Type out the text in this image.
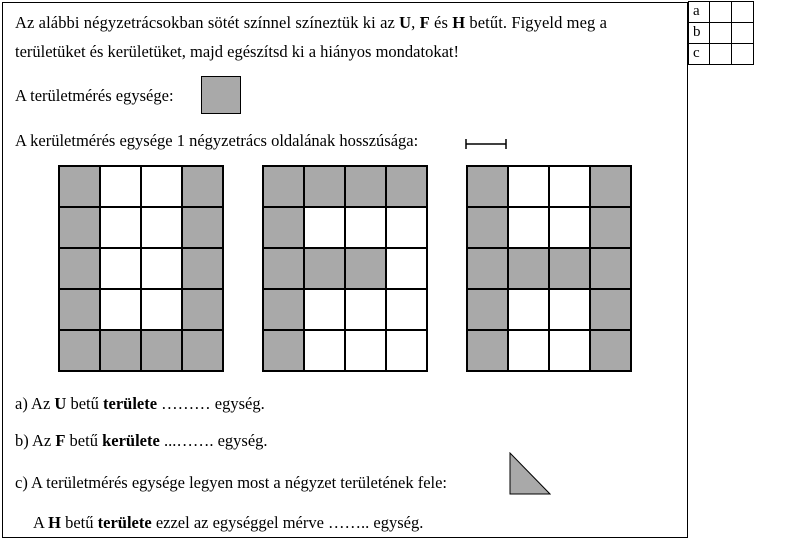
a		
b		
c		
Az alábbi négyzetrácsokban sötét színnel színeztük ki az U, F és H betűt. Figyeld meg a
területüket és kerületüket, majd egészítsd ki a hiányos mondatokat!
A területmérés egysége:
A kerületmérés egysége 1 négyzetrács oldalának hosszúsága:
a) Az U betű területe ……… egység.
b) Az F betű kerülete ...……. egység.
c) A területmérés egysége legyen most a négyzet területének fele:
A H betű területe ezzel az egységgel mérve …….. egység.
